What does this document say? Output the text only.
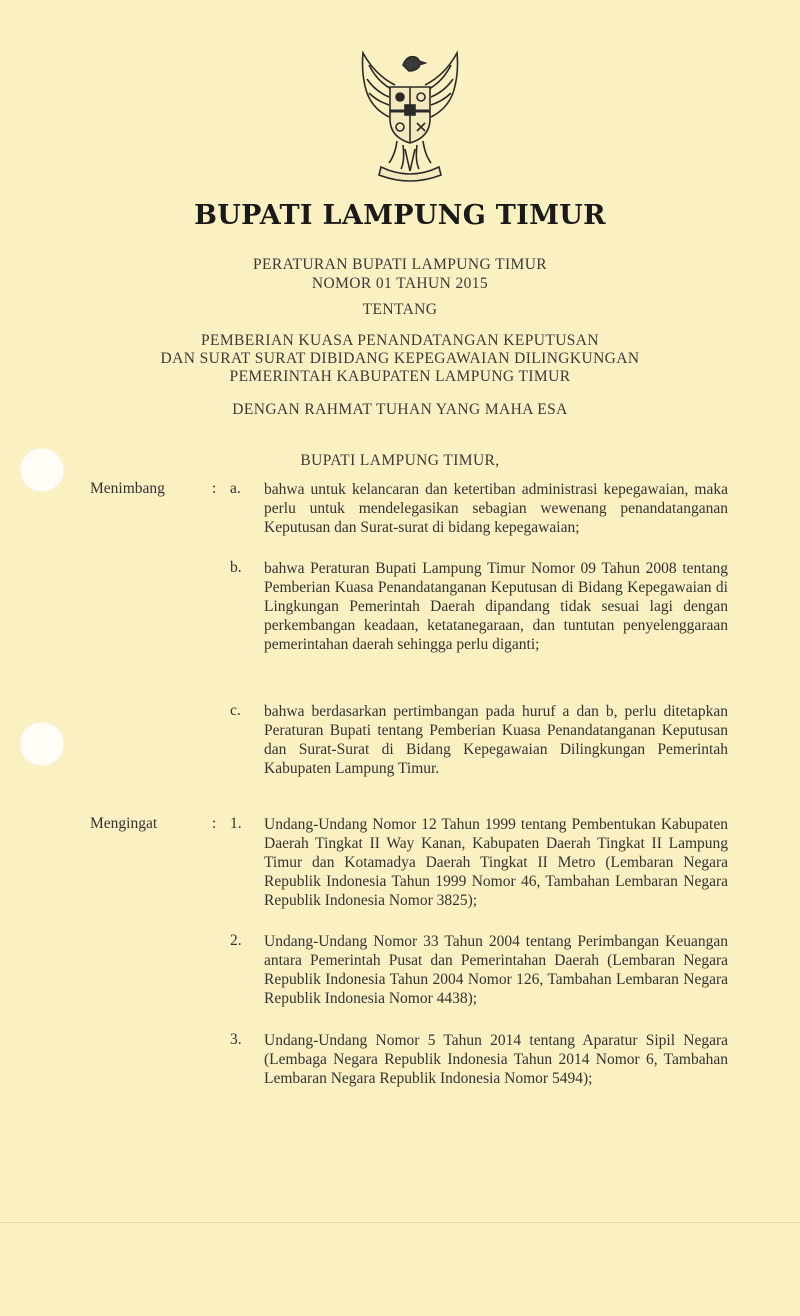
BUPATI LAMPUNG TIMUR
PERATURAN BUPATI LAMPUNG TIMUR
NOMOR 01 TAHUN 2015
TENTANG
PEMBERIAN KUASA PENANDATANGAN KEPUTUSAN
DAN SURAT SURAT DIBIDANG KEPEGAWAIAN DILINGKUNGAN
PEMERINTAH KABUPATEN LAMPUNG TIMUR
DENGAN RAHMAT TUHAN YANG MAHA ESA
BUPATI LAMPUNG TIMUR,
Menimbang	: a. bahwa untuk kelancaran dan ketertiban administrasi kepegawaian, maka perlu untuk mendelegasikan sebagian wewenang penandatanganan Keputusan dan Surat-surat di bidang kepegawaian;
b. bahwa Peraturan Bupati Lampung Timur Nomor 09 Tahun 2008 tentang Pemberian Kuasa Penandatanganan Keputusan di Bidang Kepegawaian di Lingkungan Pemerintah Daerah dipandang tidak sesuai lagi dengan perkembangan keadaan, ketatanegaraan, dan tuntutan penyelenggaraan pemerintahan daerah sehingga perlu diganti;
c. bahwa berdasarkan pertimbangan pada huruf a dan b, perlu ditetapkan Peraturan Bupati tentang Pemberian Kuasa Penandatanganan Keputusan dan Surat-Surat di Bidang Kepegawaian Dilingkungan Pemerintah Kabupaten Lampung Timur.
Mengingat	: 1. Undang-Undang Nomor 12 Tahun 1999 tentang Pembentukan Kabupaten Daerah Tingkat II Way Kanan, Kabupaten Daerah Tingkat II Lampung Timur dan Kotamadya Daerah Tingkat II Metro (Lembaran Negara Republik Indonesia Tahun 1999 Nomor 46, Tambahan Lembaran Negara Republik Indonesia Nomor 3825);
2. Undang-Undang Nomor 33 Tahun 2004 tentang Perimbangan Keuangan antara Pemerintah Pusat dan Pemerintahan Daerah (Lembaran Negara Republik Indonesia Tahun 2004 Nomor 126, Tambahan Lembaran Negara Republik Indonesia Nomor 4438);
3. Undang-Undang Nomor 5 Tahun 2014 tentang Aparatur Sipil Negara (Lembaga Negara Republik Indonesia Tahun 2014 Nomor 6, Tambahan Lembaran Negara Republik Indonesia Nomor 5494);
